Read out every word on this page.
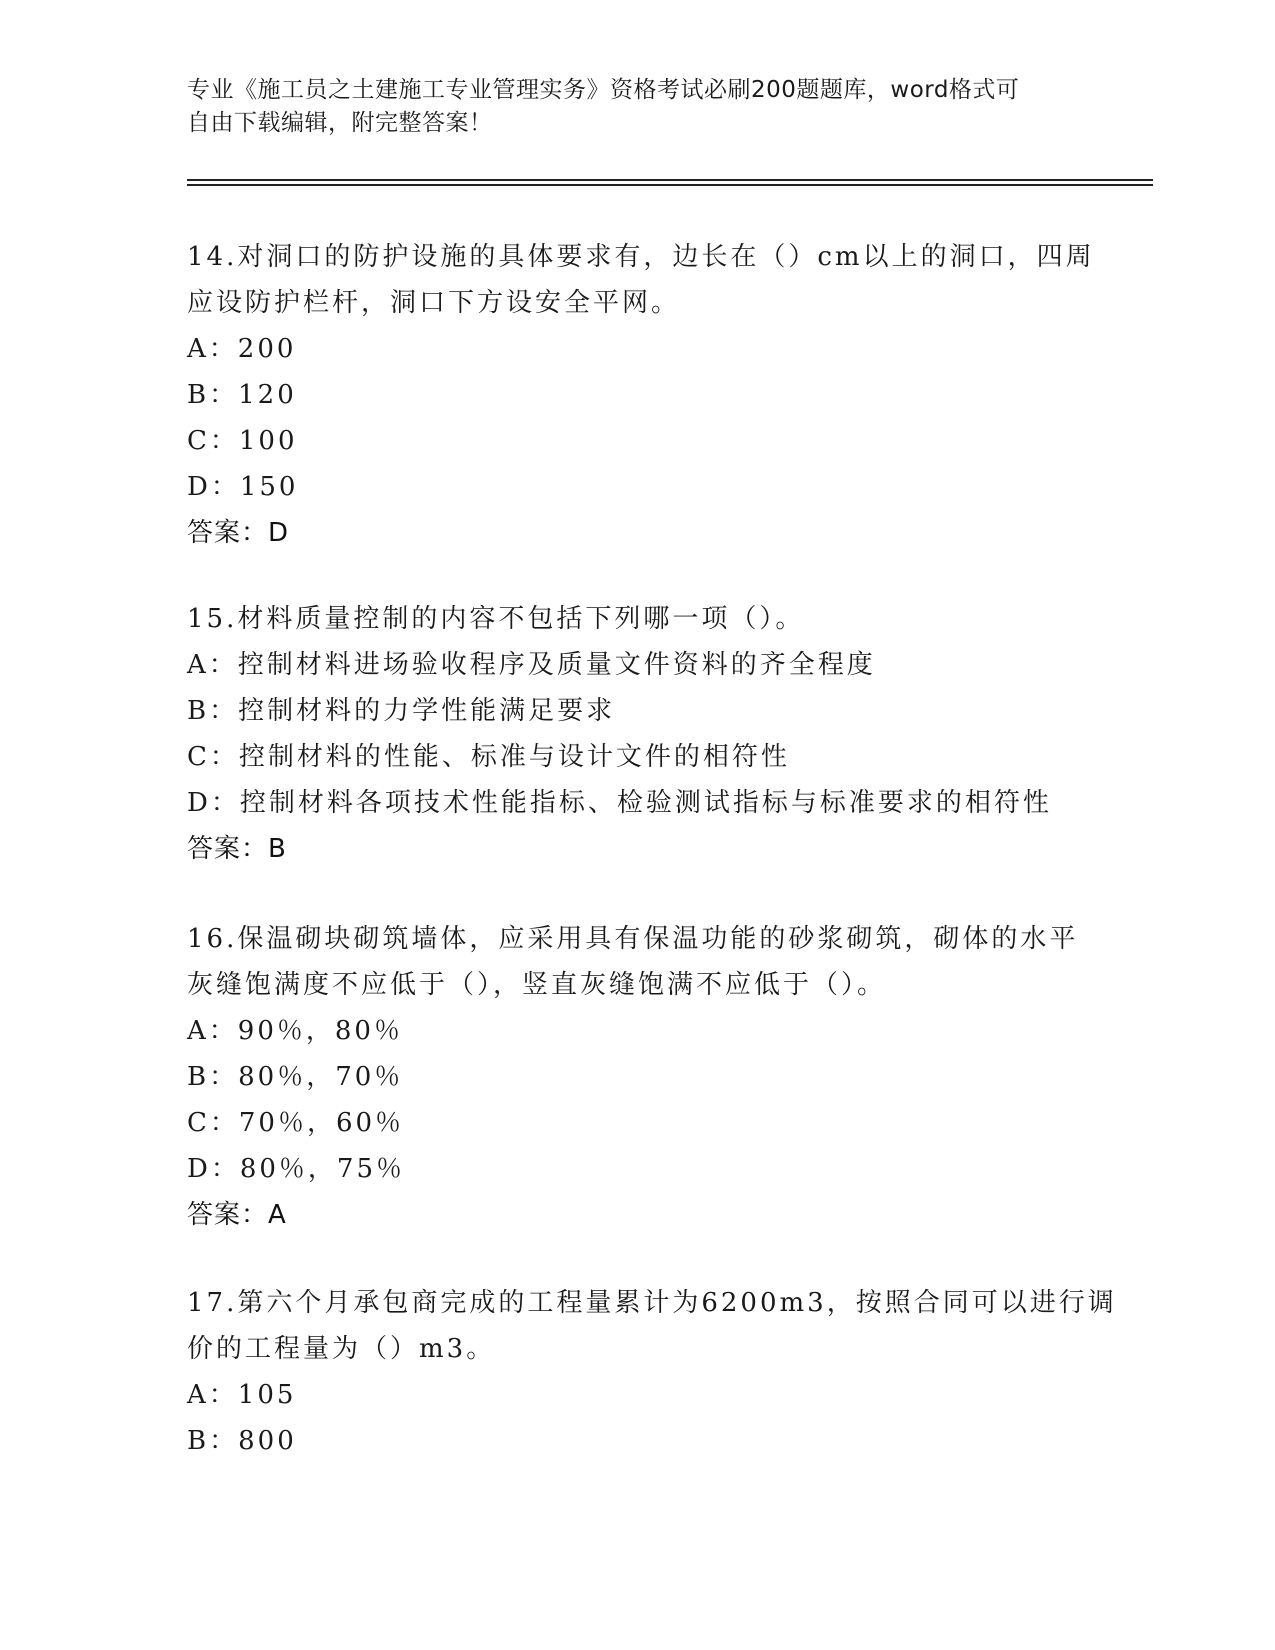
专业《施工员之土建施工专业管理实务》资格考试必刷200题题库，word格式可
自由下载编辑，附完整答案！
14.对洞口的防护设施的具体要求有，边长在（）cm以上的洞口，四周
应设防护栏杆，洞口下方设安全平网。
A：200
B：120
C：100
D：150
答案：D
15.材料质量控制的内容不包括下列哪一项（）。
A：控制材料进场验收程序及质量文件资料的齐全程度
B：控制材料的力学性能满足要求
C：控制材料的性能、标准与设计文件的相符性
D：控制材料各项技术性能指标、检验测试指标与标准要求的相符性
答案：B
16.保温砌块砌筑墙体，应采用具有保温功能的砂浆砌筑，砌体的水平
灰缝饱满度不应低于（），竖直灰缝饱满不应低于（）。
A：90％，80％
B：80％，70％
C：70％，60％
D：80％，75％
答案：A
17.第六个月承包商完成的工程量累计为6200m3，按照合同可以进行调
价的工程量为（）m3。
A：105
B：800
